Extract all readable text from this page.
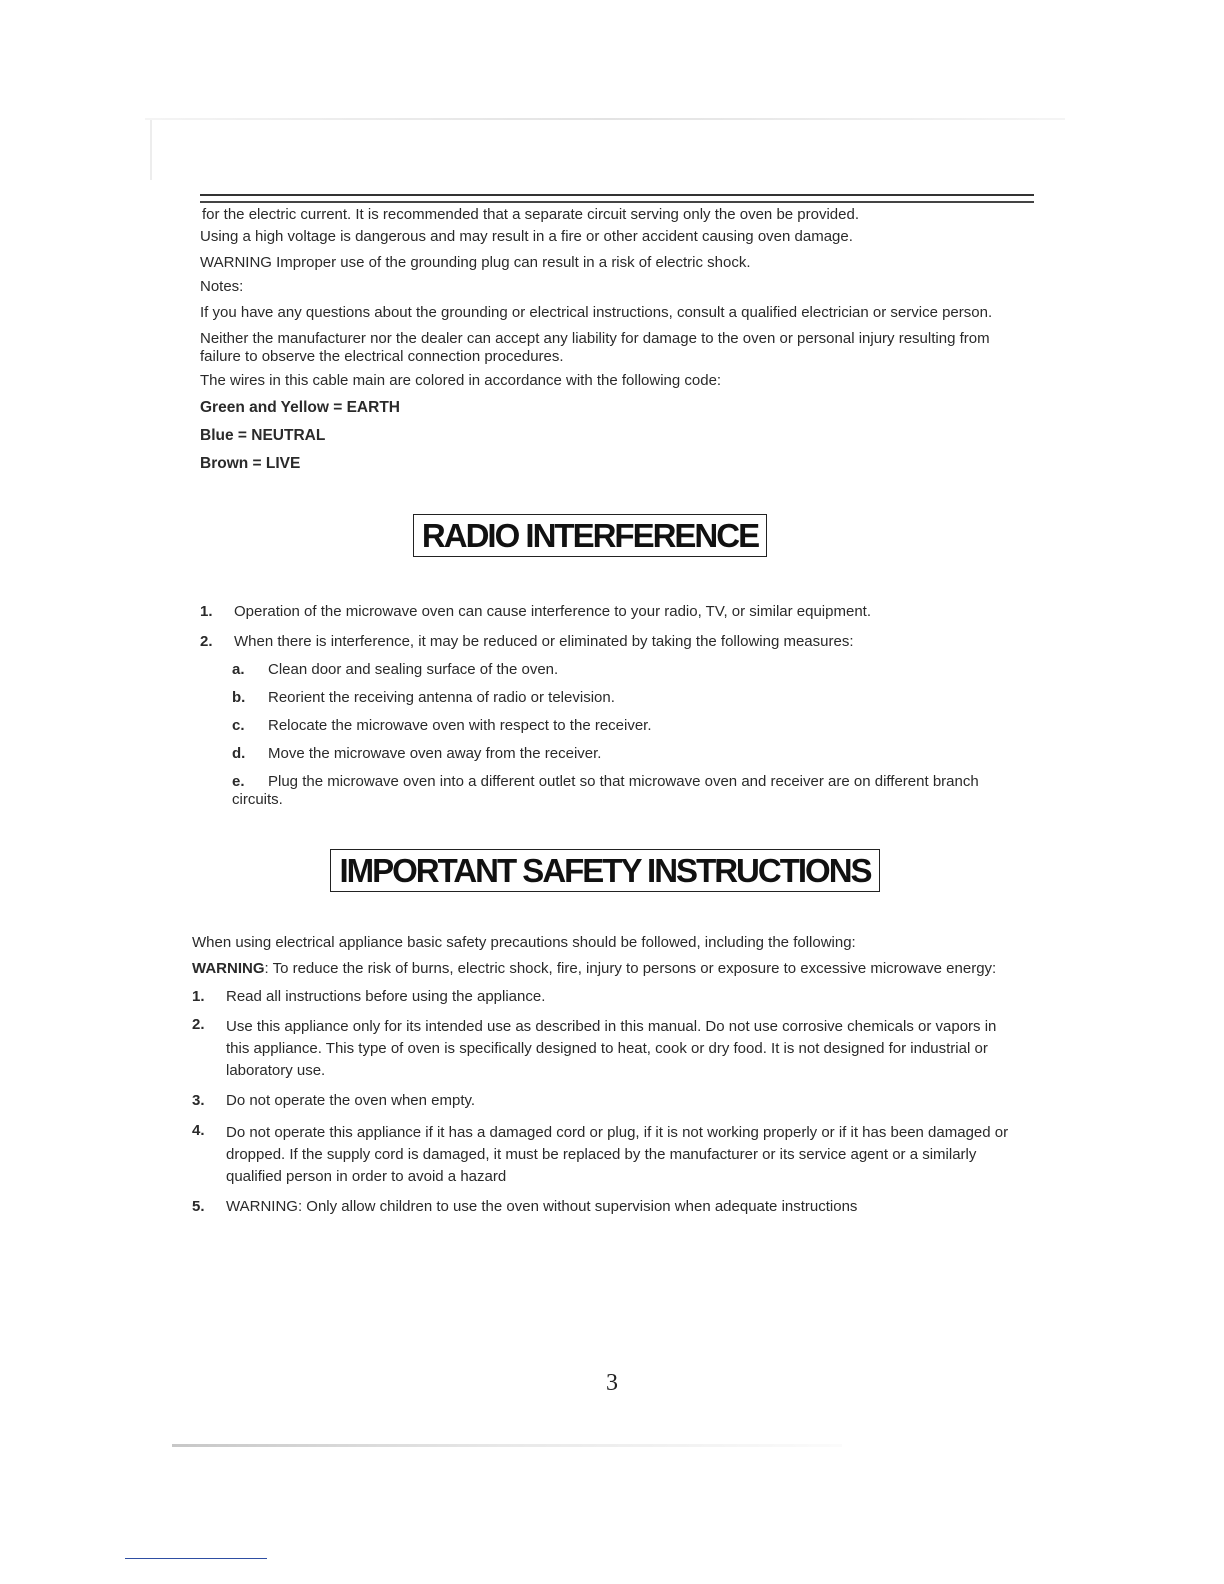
for the electric current. It is recommended that a separate circuit serving only the oven be provided.

Using a high voltage is dangerous and may result in a fire or other accident causing oven damage.

WARNING Improper use of the grounding plug can result in a risk of electric shock.

Notes:

If you have any questions about the grounding or electrical instructions, consult a qualified electrician or service person.

Neither the manufacturer nor the dealer can accept any liability for damage to the oven or personal injury resulting from failure to observe the electrical connection procedures.

The wires in this cable main are colored in accordance with the following code:

Green and Yellow = EARTH
Blue = NEUTRAL
Brown = LIVE
RADIO INTERFERENCE
1. Operation of the microwave oven can cause interference to your radio, TV, or similar equipment.
2. When there is interference, it may be reduced or eliminated by taking the following measures:
a. Clean door and sealing surface of the oven.
b. Reorient the receiving antenna of radio or television.
c. Relocate the microwave oven with respect to the receiver.
d. Move the microwave oven away from the receiver.
e. Plug the microwave oven into a different outlet so that microwave oven and receiver are on different branch circuits.
IMPORTANT SAFETY INSTRUCTIONS

When using electrical appliance basic safety precautions should be followed, including the following:

WARNING: To reduce the risk of burns, electric shock, fire, injury to persons or exposure to excessive microwave energy:

1. Read all instructions before using the appliance.
2. Use this appliance only for its intended use as described in this manual. Do not use corrosive chemicals or vapors in this appliance. This type of oven is specifically designed to heat, cook or dry food. It is not designed for industrial or laboratory use.
3. Do not operate the oven when empty.
4. Do not operate this appliance if it has a damaged cord or plug, if it is not working properly or if it has been damaged or dropped. If the supply cord is damaged, it must be replaced by the manufacturer or its service agent or a similarly qualified person in order to avoid a hazard
5. WARNING: Only allow children to use the oven without supervision when adequate instructions
3
